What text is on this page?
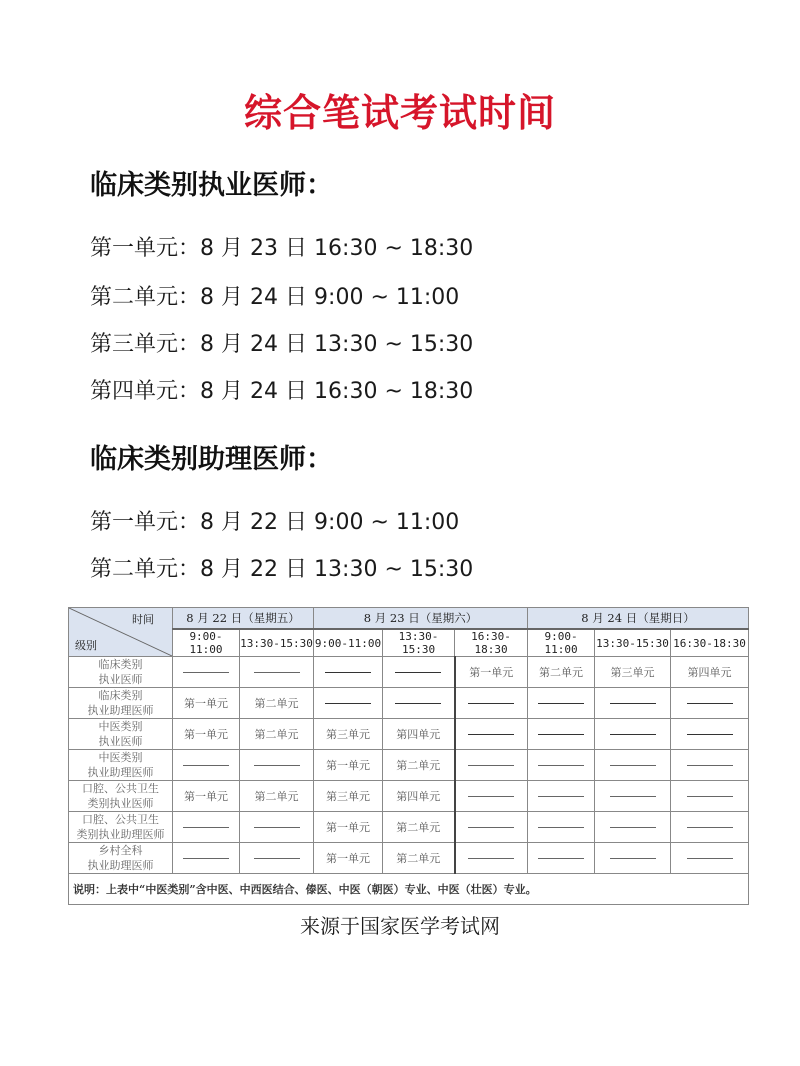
综合笔试考试时间
临床类别执业医师：
第一单元：8 月 23 日 16:30 ~ 18:30
第二单元：8 月 24 日 9:00 ~ 11:00
第三单元：8 月 24 日 13:30 ~ 15:30
第四单元：8 月 24 日 16:30 ~ 18:30
临床类别助理医师：
第一单元：8 月 22 日 9:00 ~ 11:00
第二单元：8 月 22 日 13:30 ~ 15:30
时间
级别	8 月 22 日（星期五）		8 月 23 日（星期六）			8 月 24 日（星期日）		
	9:00-11:00	13:30-15:30	9:00-11:00	13:30-15:30	16:30-18:30	9:00-11:00	13:30-15:30	16:30-18:30

临床类别
执业医师					第一单元	第二单元	第三单元	第四单元

临床类别
执业助理医师	第一单元	第二单元						

中医类别
执业医师	第一单元	第二单元	第三单元	第四单元				

中医类别
执业助理医师			第一单元	第二单元				

口腔、公共卫生
类别执业医师	第一单元	第二单元	第三单元	第四单元				

口腔、公共卫生
类别执业助理医师			第一单元	第二单元				

乡村全科
执业助理医师			第一单元	第二单元				
说明：上表中“中医类别”含中医、中西医结合、傣医、中医（朝医）专业、中医（壮医）专业。								
来源于国家医学考试网
